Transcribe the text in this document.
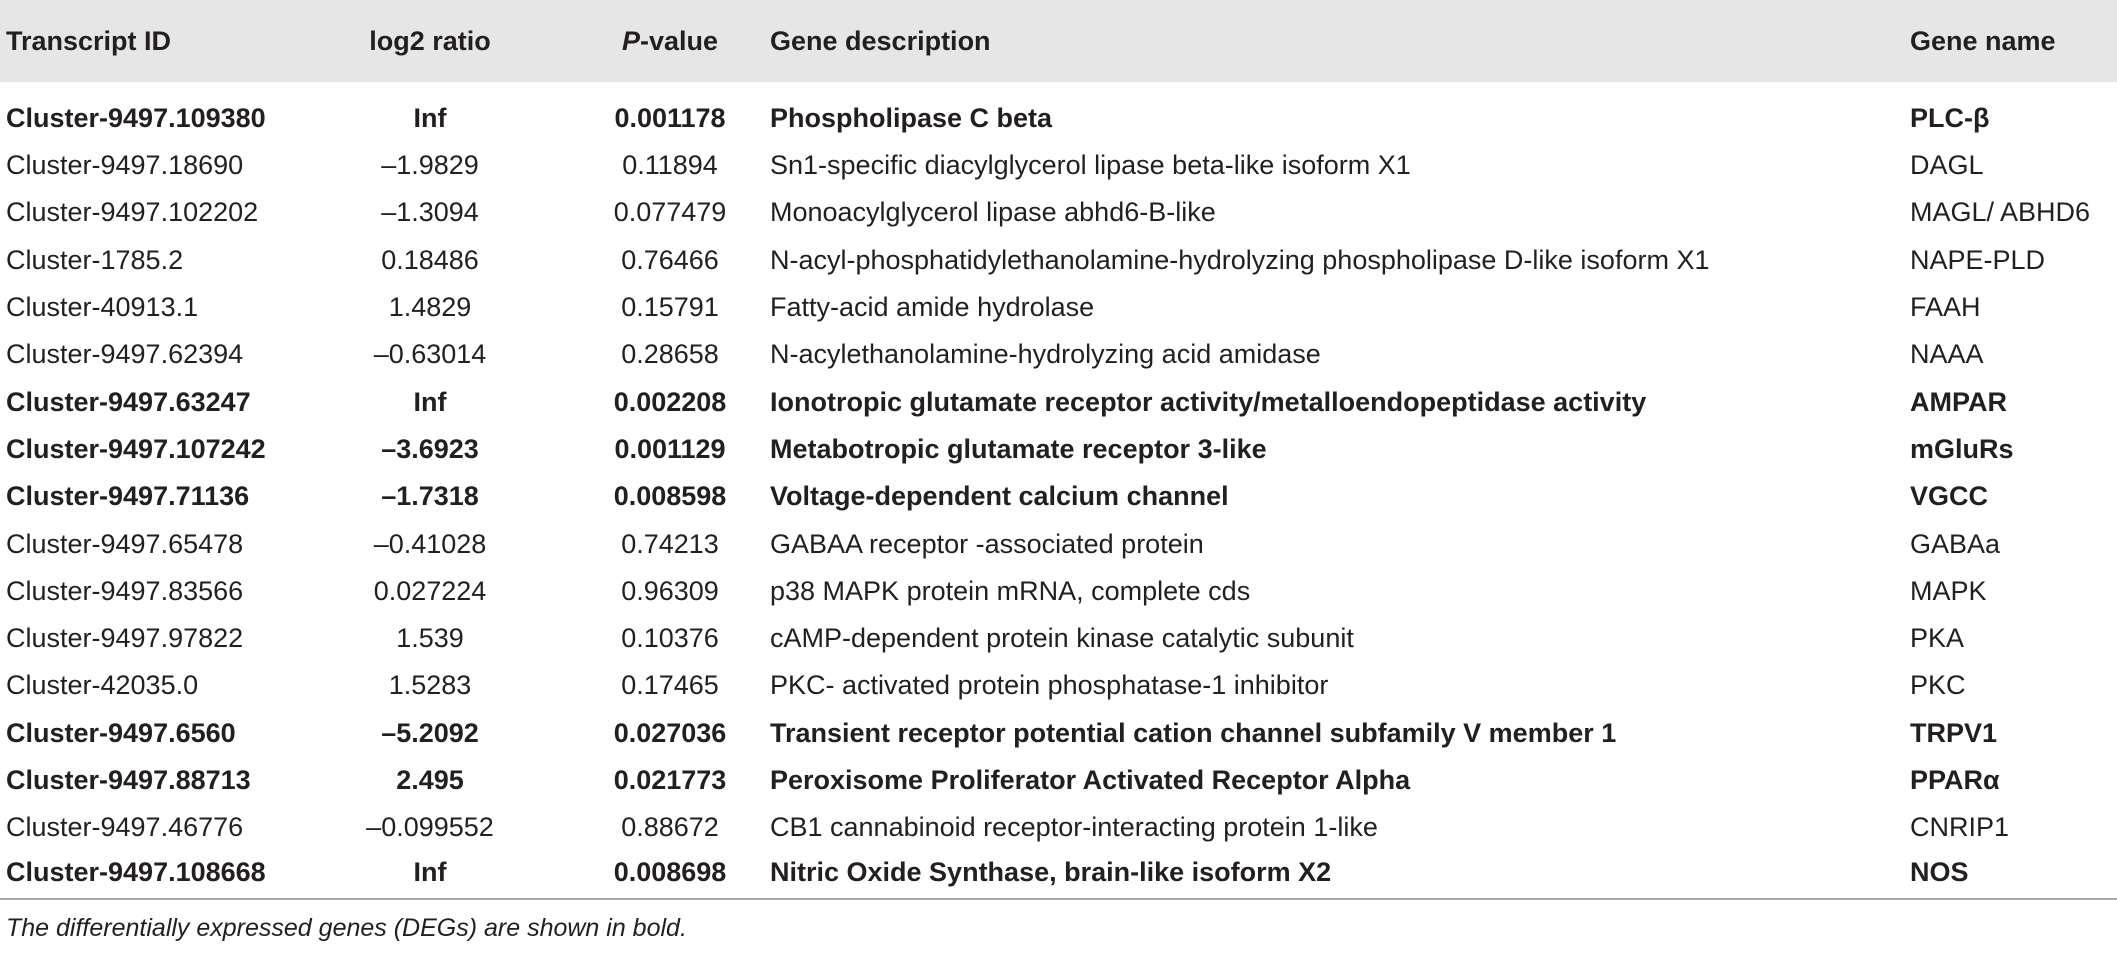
Transcript ID	log2 ratio	P-value	Gene description	Gene name
Cluster-9497.109380	Inf	0.001178	Phospholipase C beta	PLC-β
Cluster-9497.18690	–1.9829	0.11894	Sn1-specific diacylglycerol lipase beta-like isoform X1	DAGL
Cluster-9497.102202	–1.3094	0.077479	Monoacylglycerol lipase abhd6-B-like	MAGL/ ABHD6
Cluster-1785.2	0.18486	0.76466	N-acyl-phosphatidylethanolamine-hydrolyzing phospholipase D-like isoform X1	NAPE-PLD
Cluster-40913.1	1.4829	0.15791	Fatty-acid amide hydrolase	FAAH
Cluster-9497.62394	–0.63014	0.28658	N-acylethanolamine-hydrolyzing acid amidase	NAAA
Cluster-9497.63247	Inf	0.002208	Ionotropic glutamate receptor activity/metalloendopeptidase activity	AMPAR
Cluster-9497.107242	–3.6923	0.001129	Metabotropic glutamate receptor 3-like	mGluRs
Cluster-9497.71136	–1.7318	0.008598	Voltage-dependent calcium channel	VGCC
Cluster-9497.65478	–0.41028	0.74213	GABAA receptor -associated protein	GABAa
Cluster-9497.83566	0.027224	0.96309	p38 MAPK protein mRNA, complete cds	MAPK
Cluster-9497.97822	1.539	0.10376	cAMP-dependent protein kinase catalytic subunit	PKA
Cluster-42035.0	1.5283	0.17465	PKC- activated protein phosphatase-1 inhibitor	PKC
Cluster-9497.6560	–5.2092	0.027036	Transient receptor potential cation channel subfamily V member 1	TRPV1
Cluster-9497.88713	2.495	0.021773	Peroxisome Proliferator Activated Receptor Alpha	PPARα
Cluster-9497.46776	–0.099552	0.88672	CB1 cannabinoid receptor-interacting protein 1-like	CNRIP1
Cluster-9497.108668	Inf	0.008698	Nitric Oxide Synthase, brain-like isoform X2	NOS
The differentially expressed genes (DEGs) are shown in bold.
